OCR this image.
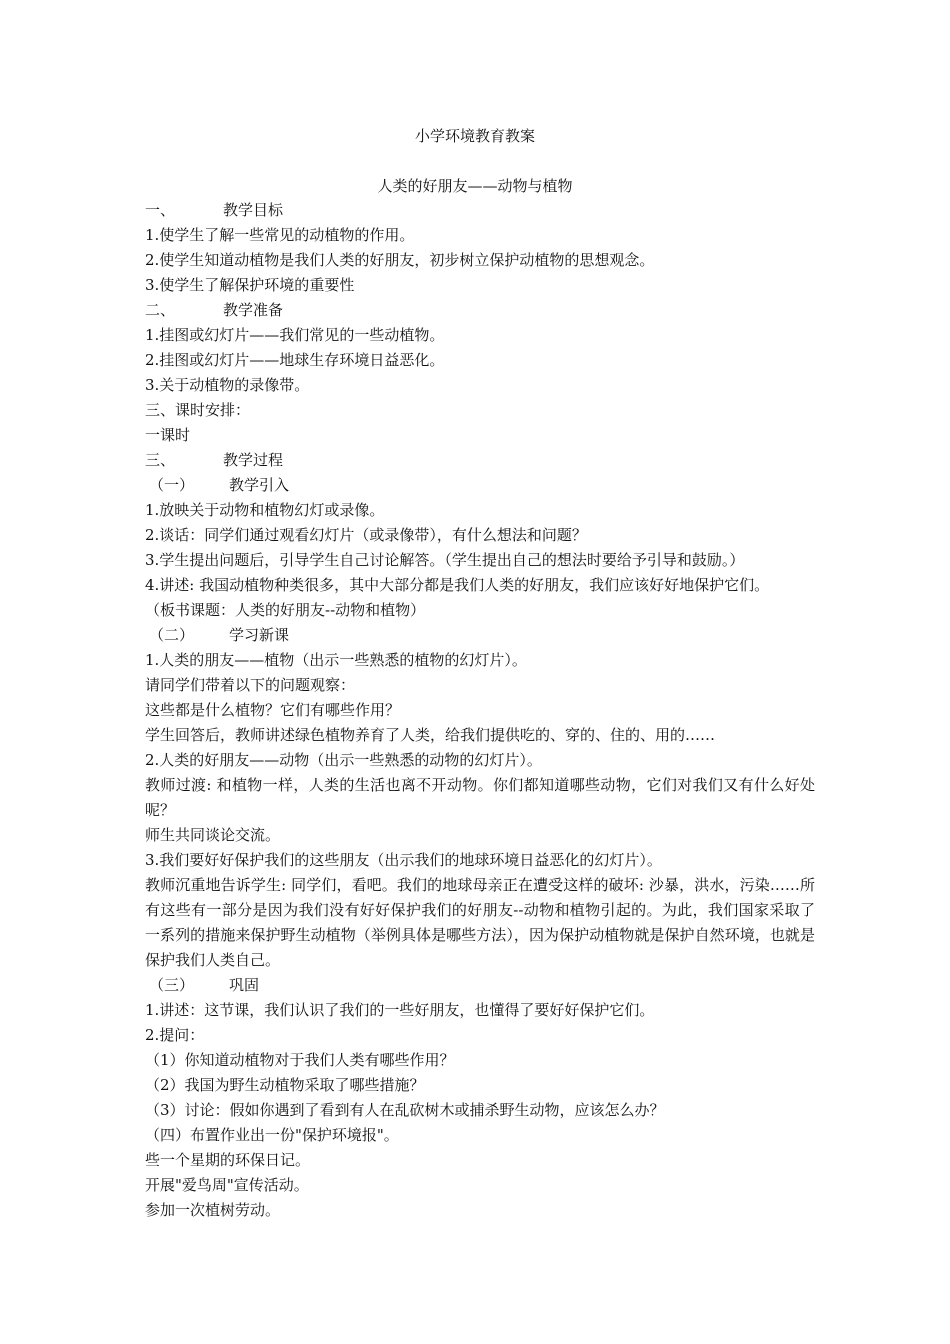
小学环境教育教案
人类的好朋友——动物与植物
一、	教学目标
1.使学生了解一些常见的动植物的作用。
2.使学生知道动植物是我们人类的好朋友，初步树立保护动植物的思想观念。
3.使学生了解保护环境的重要性
二、	教学准备
1.挂图或幻灯片——我们常见的一些动植物。
2.挂图或幻灯片——地球生存环境日益恶化。
3.关于动植物的录像带。
三、课时安排：
一课时
三、	教学过程
（一） 教学引入
1.放映关于动物和植物幻灯或录像。
2.谈话：同学们通过观看幻灯片（或录像带），有什么想法和问题？
3.学生提出问题后，引导学生自己讨论解答。（学生提出自己的想法时要给予引导和鼓励。）
4.讲述: 我国动植物种类很多，其中大部分都是我们人类的好朋友，我们应该好好地保护它们。
（板书课题：人类的好朋友--动物和植物）
（二） 学习新课
1.人类的朋友——植物（出示一些熟悉的植物的幻灯片）。
请同学们带着以下的问题观察：
这些都是什么植物？它们有哪些作用？
学生回答后，教师讲述绿色植物养育了人类，给我们提供吃的、穿的、住的、用的……
2.人类的好朋友——动物（出示一些熟悉的动物的幻灯片）。
教师过渡: 和植物一样，人类的生活也离不开动物。你们都知道哪些动物，它们对我们又有什么好处呢？
师生共同谈论交流。
3.我们要好好保护我们的这些朋友（出示我们的地球环境日益恶化的幻灯片）。
教师沉重地告诉学生: 同学们，看吧。我们的地球母亲正在遭受这样的破坏: 沙暴，洪水，污染……所有这些有一部分是因为我们没有好好保护我们的好朋友--动物和植物引起的。为此，我们国家采取了一系列的措施来保护野生动植物（举例具体是哪些方法），因为保护动植物就是保护自然环境，也就是保护我们人类自己。
（三） 巩固
1.讲述：这节课，我们认识了我们的一些好朋友，也懂得了要好好保护它们。
2.提问：
（1）你知道动植物对于我们人类有哪些作用？
（2）我国为野生动植物采取了哪些措施？
（3）讨论：假如你遇到了看到有人在乱砍树木或捕杀野生动物，应该怎么办？
（四）布置作业出一份"保护环境报"。
些一个星期的环保日记。
开展"爱鸟周"宣传活动。
参加一次植树劳动。
